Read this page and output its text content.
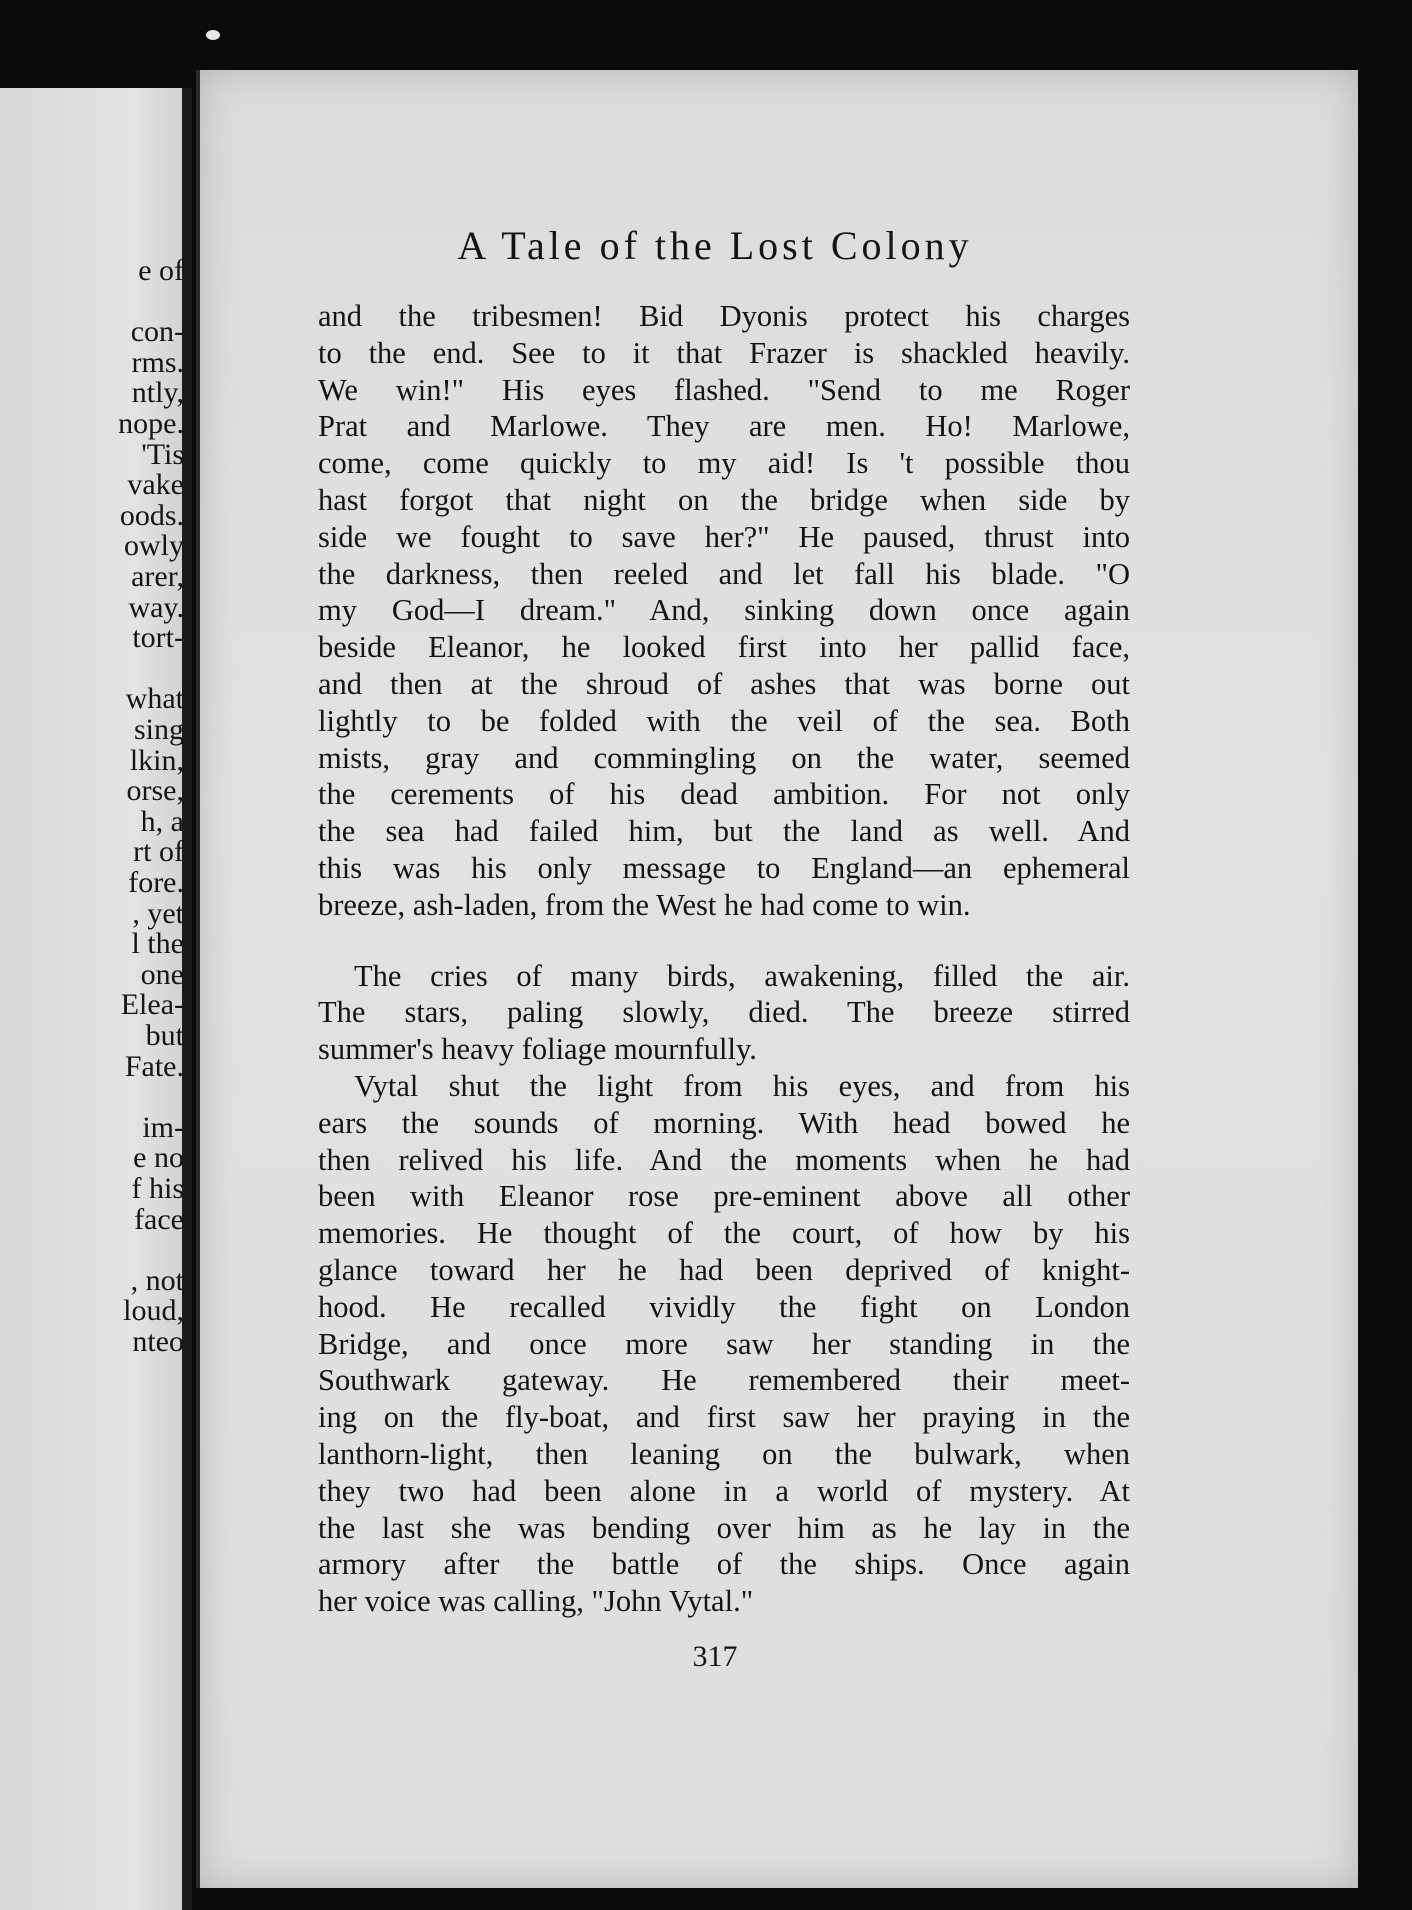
e of
con-
rms.
ntly,
nope.
'Tis
vake
oods.
owly
arer,
way.
tort-
what
sing
lkin,
orse,
h, a
rt of
fore.
, yet
l the
one
Elea-
but
Fate.
im-
e no
f his
face
, not
loud,
nteo
A Tale of the Lost Colony
and the tribesmen! Bid Dyonis protect his charges
to the end. See to it that Frazer is shackled heavily.
We win!" His eyes flashed. "Send to me Roger
Prat and Marlowe. They are men. Ho! Marlowe,
come, come quickly to my aid! Is 't possible thou
hast forgot that night on the bridge when side by
side we fought to save her?" He paused, thrust into
the darkness, then reeled and let fall his blade. "O
my God—I dream." And, sinking down once again
beside Eleanor, he looked first into her pallid face,
and then at the shroud of ashes that was borne out
lightly to be folded with the veil of the sea. Both
mists, gray and commingling on the water, seemed
the cerements of his dead ambition. For not only
the sea had failed him, but the land as well. And
this was his only message to England—an ephemeral
breeze, ash-laden, from the West he had come to win.
The cries of many birds, awakening, filled the air.
The stars, paling slowly, died. The breeze stirred
summer's heavy foliage mournfully.
Vytal shut the light from his eyes, and from his
ears the sounds of morning. With head bowed he
then relived his life. And the moments when he had
been with Eleanor rose pre-eminent above all other
memories. He thought of the court, of how by his
glance toward her he had been deprived of knight-
hood. He recalled vividly the fight on London
Bridge, and once more saw her standing in the
Southwark gateway. He remembered their meet-
ing on the fly-boat, and first saw her praying in the
lanthorn-light, then leaning on the bulwark, when
they two had been alone in a world of mystery. At
the last she was bending over him as he lay in the
armory after the battle of the ships. Once again
her voice was calling, "John Vytal."
317
